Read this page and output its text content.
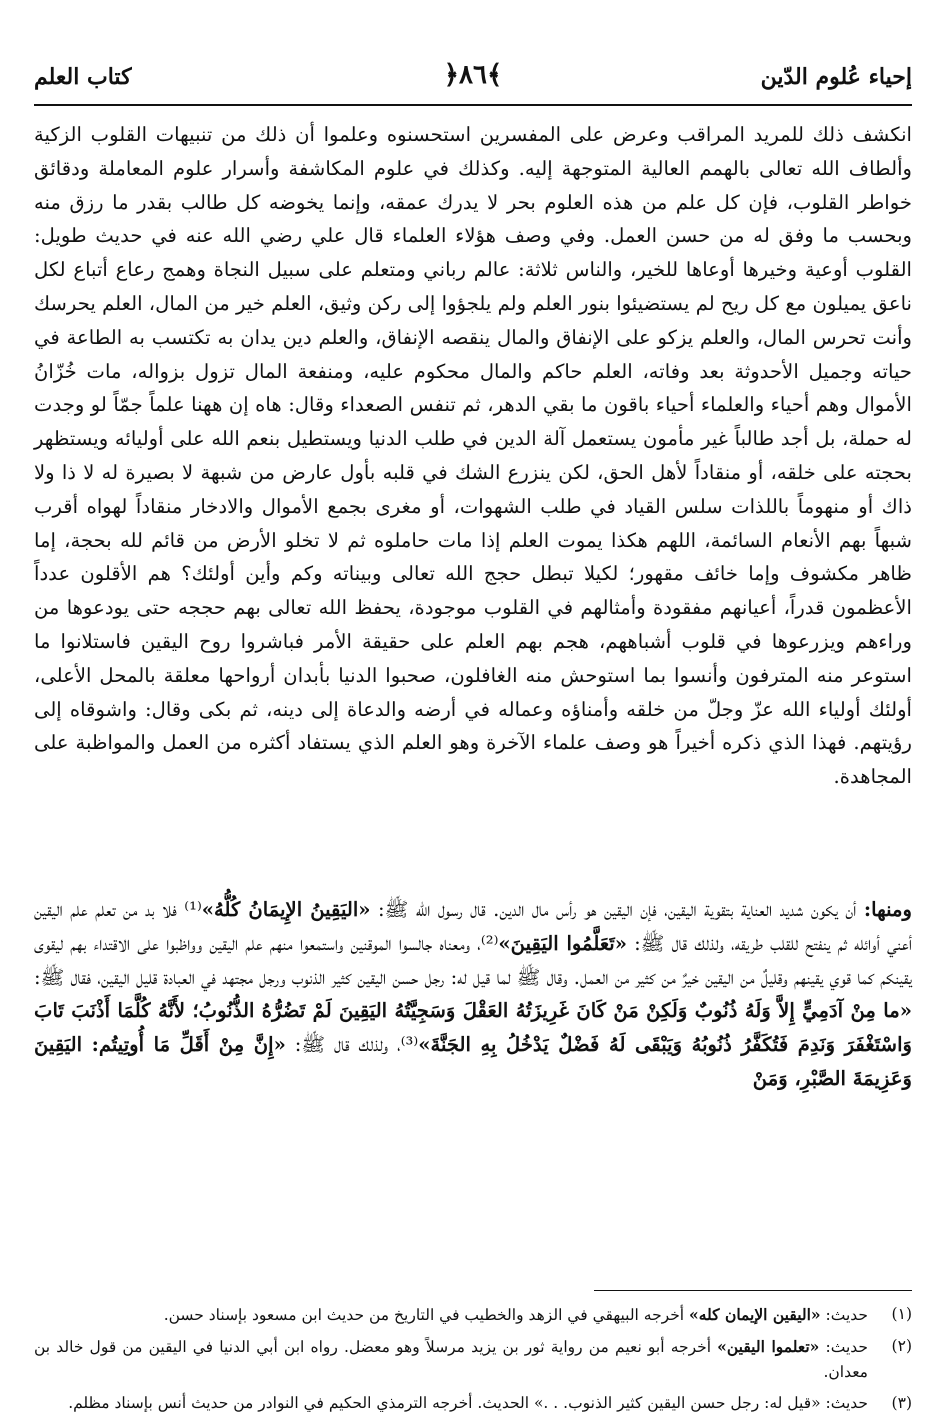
إحياء عُلوم الدّين
﴿٨٦﴾
كتاب العلم

انكشف ذلك للمريد المراقب وعرض على المفسرين استحسنوه وعلموا أن ذلك من تنبيهات القلوب الزكية وألطاف الله تعالى بالهمم العالية المتوجهة إليه. وكذلك في علوم المكاشفة وأسرار علوم المعاملة ودقائق خواطر القلوب، فإن كل علم من هذه العلوم بحر لا يدرك عمقه، وإنما يخوضه كل طالب بقدر ما رزق منه وبحسب ما وفق له من حسن العمل. وفي وصف هؤلاء العلماء قال علي رضي الله عنه في حديث طويل: القلوب أوعية وخيرها أوعاها للخير، والناس ثلاثة: عالم رباني ومتعلم على سبيل النجاة وهمج رعاع أتباع لكل ناعق يميلون مع كل ريح لم يستضيئوا بنور العلم ولم يلجؤوا إلى ركن وثيق، العلم خير من المال، العلم يحرسك وأنت تحرس المال، والعلم يزكو على الإنفاق والمال ينقصه الإنفاق، والعلم دين يدان به تكتسب به الطاعة في حياته وجميل الأحدوثة بعد وفاته، العلم حاكم والمال محكوم عليه، ومنفعة المال تزول بزواله، مات خُزّانُ الأموال وهم أحياء والعلماء أحياء باقون ما بقي الدهر، ثم تنفس الصعداء وقال: هاه إن ههنا علماً جمّاً لو وجدت له حملة، بل أجد طالباً غير مأمون يستعمل آلة الدين في طلب الدنيا ويستطيل بنعم الله على أوليائه ويستظهر بحجته على خلقه، أو منقاداً لأهل الحق، لكن ينزرع الشك في قلبه بأول عارض من شبهة لا بصيرة له لا ذا ولا ذاك أو منهوماً باللذات سلس القياد في طلب الشهوات، أو مغرى بجمع الأموال والادخار منقاداً لهواه أقرب شبهاً بهم الأنعام السائمة، اللهم هكذا يموت العلم إذا مات حاملوه ثم لا تخلو الأرض من قائم لله بحجة، إما ظاهر مكشوف وإما خائف مقهور؛ لكيلا تبطل حجج الله تعالى وبيناته وكم وأين أولئك؟ هم الأقلون عدداً الأعظمون قدراً، أعيانهم مفقودة وأمثالهم في القلوب موجودة، يحفظ الله تعالى بهم حججه حتى يودعوها من وراءهم ويزرعوها في قلوب أشباههم، هجم بهم العلم على حقيقة الأمر فباشروا روح اليقين فاستلانوا ما استوعر منه المترفون وأنسوا بما استوحش منه الغافلون، صحبوا الدنيا بأبدان أرواحها معلقة بالمحل الأعلى، أولئك أولياء الله عزّ وجلّ من خلقه وأمناؤه وعماله في أرضه والدعاة إلى دينه، ثم بكى وقال: واشوقاه إلى رؤيتهم. فهذا الذي ذكره أخيراً هو وصف علماء الآخرة وهو العلم الذي يستفاد أكثره من العمل والمواظبة على المجاهدة.

ومنها: أن يكون شديد العناية بتقوية اليقين، فإن اليقين هو رأس مال الدين. قال رسول الله ﷺ: «اليَقِينُ الإِيمَانُ كُلُّهُ»⁽¹⁾ فلا بد من تعلم علم اليقين أعني أوائله ثم ينفتح للقلب طريقه، ولذلك قال ﷺ: «تَعَلَّمُوا اليَقِينَ»⁽²⁾، ومعناه جالسوا الموقنين واستمعوا منهم علم اليقين وواظبوا على الاقتداء بهم ليقوى يقينكم كما قوي يقينهم وقليلٌ من اليقين خيرٌ من كثير من العمل. وقال ﷺ لما قيل له: رجل حسن اليقين كثير الذنوب ورجل مجتهد في العبادة قليل اليقين، فقال ﷺ: «ما مِنْ آدَمِيٍّ إِلاَّ وَلَهُ ذُنُوبٌ وَلَكِنْ مَنْ كَانَ غَرِيزَتُهُ العَقْلَ وَسَجِيَّتُهُ اليَقِينَ لَمْ تَضُرُّهُ الذُّنُوبُ؛ لأَنَّهُ كُلَّمَا أَذْنَبَ تَابَ وَاسْتَغْفَرَ وَنَدِمَ فَتُكَفَّرُ ذُنُوبُهُ وَيَبْقَى لَهُ فَضْلٌ يَدْخُلُ بِهِ الجَنَّةَ»⁽³⁾، ولذلك قال ﷺ: «إِنَّ مِنْ أَقَلِّ مَا أُوتِيتُم: اليَقِينَ وَعَزِيمَةَ الصَّبْرِ، وَمَنْ
(١)
حديث: «اليقين الإيمان كله» أخرجه البيهقي في الزهد والخطيب في التاريخ من حديث ابن مسعود بإسناد حسن.
(٢)
حديث: «تعلموا اليقين» أخرجه أبو نعيم من رواية ثور بن يزيد مرسلاً وهو معضل. رواه ابن أبي الدنيا في اليقين من قول خالد بن معدان.
(٣)
حديث: «قيل له: رجل حسن اليقين كثير الذنوب. . .» الحديث. أخرجه الترمذي الحكيم في النوادر من حديث أنس بإسناد مظلم.
